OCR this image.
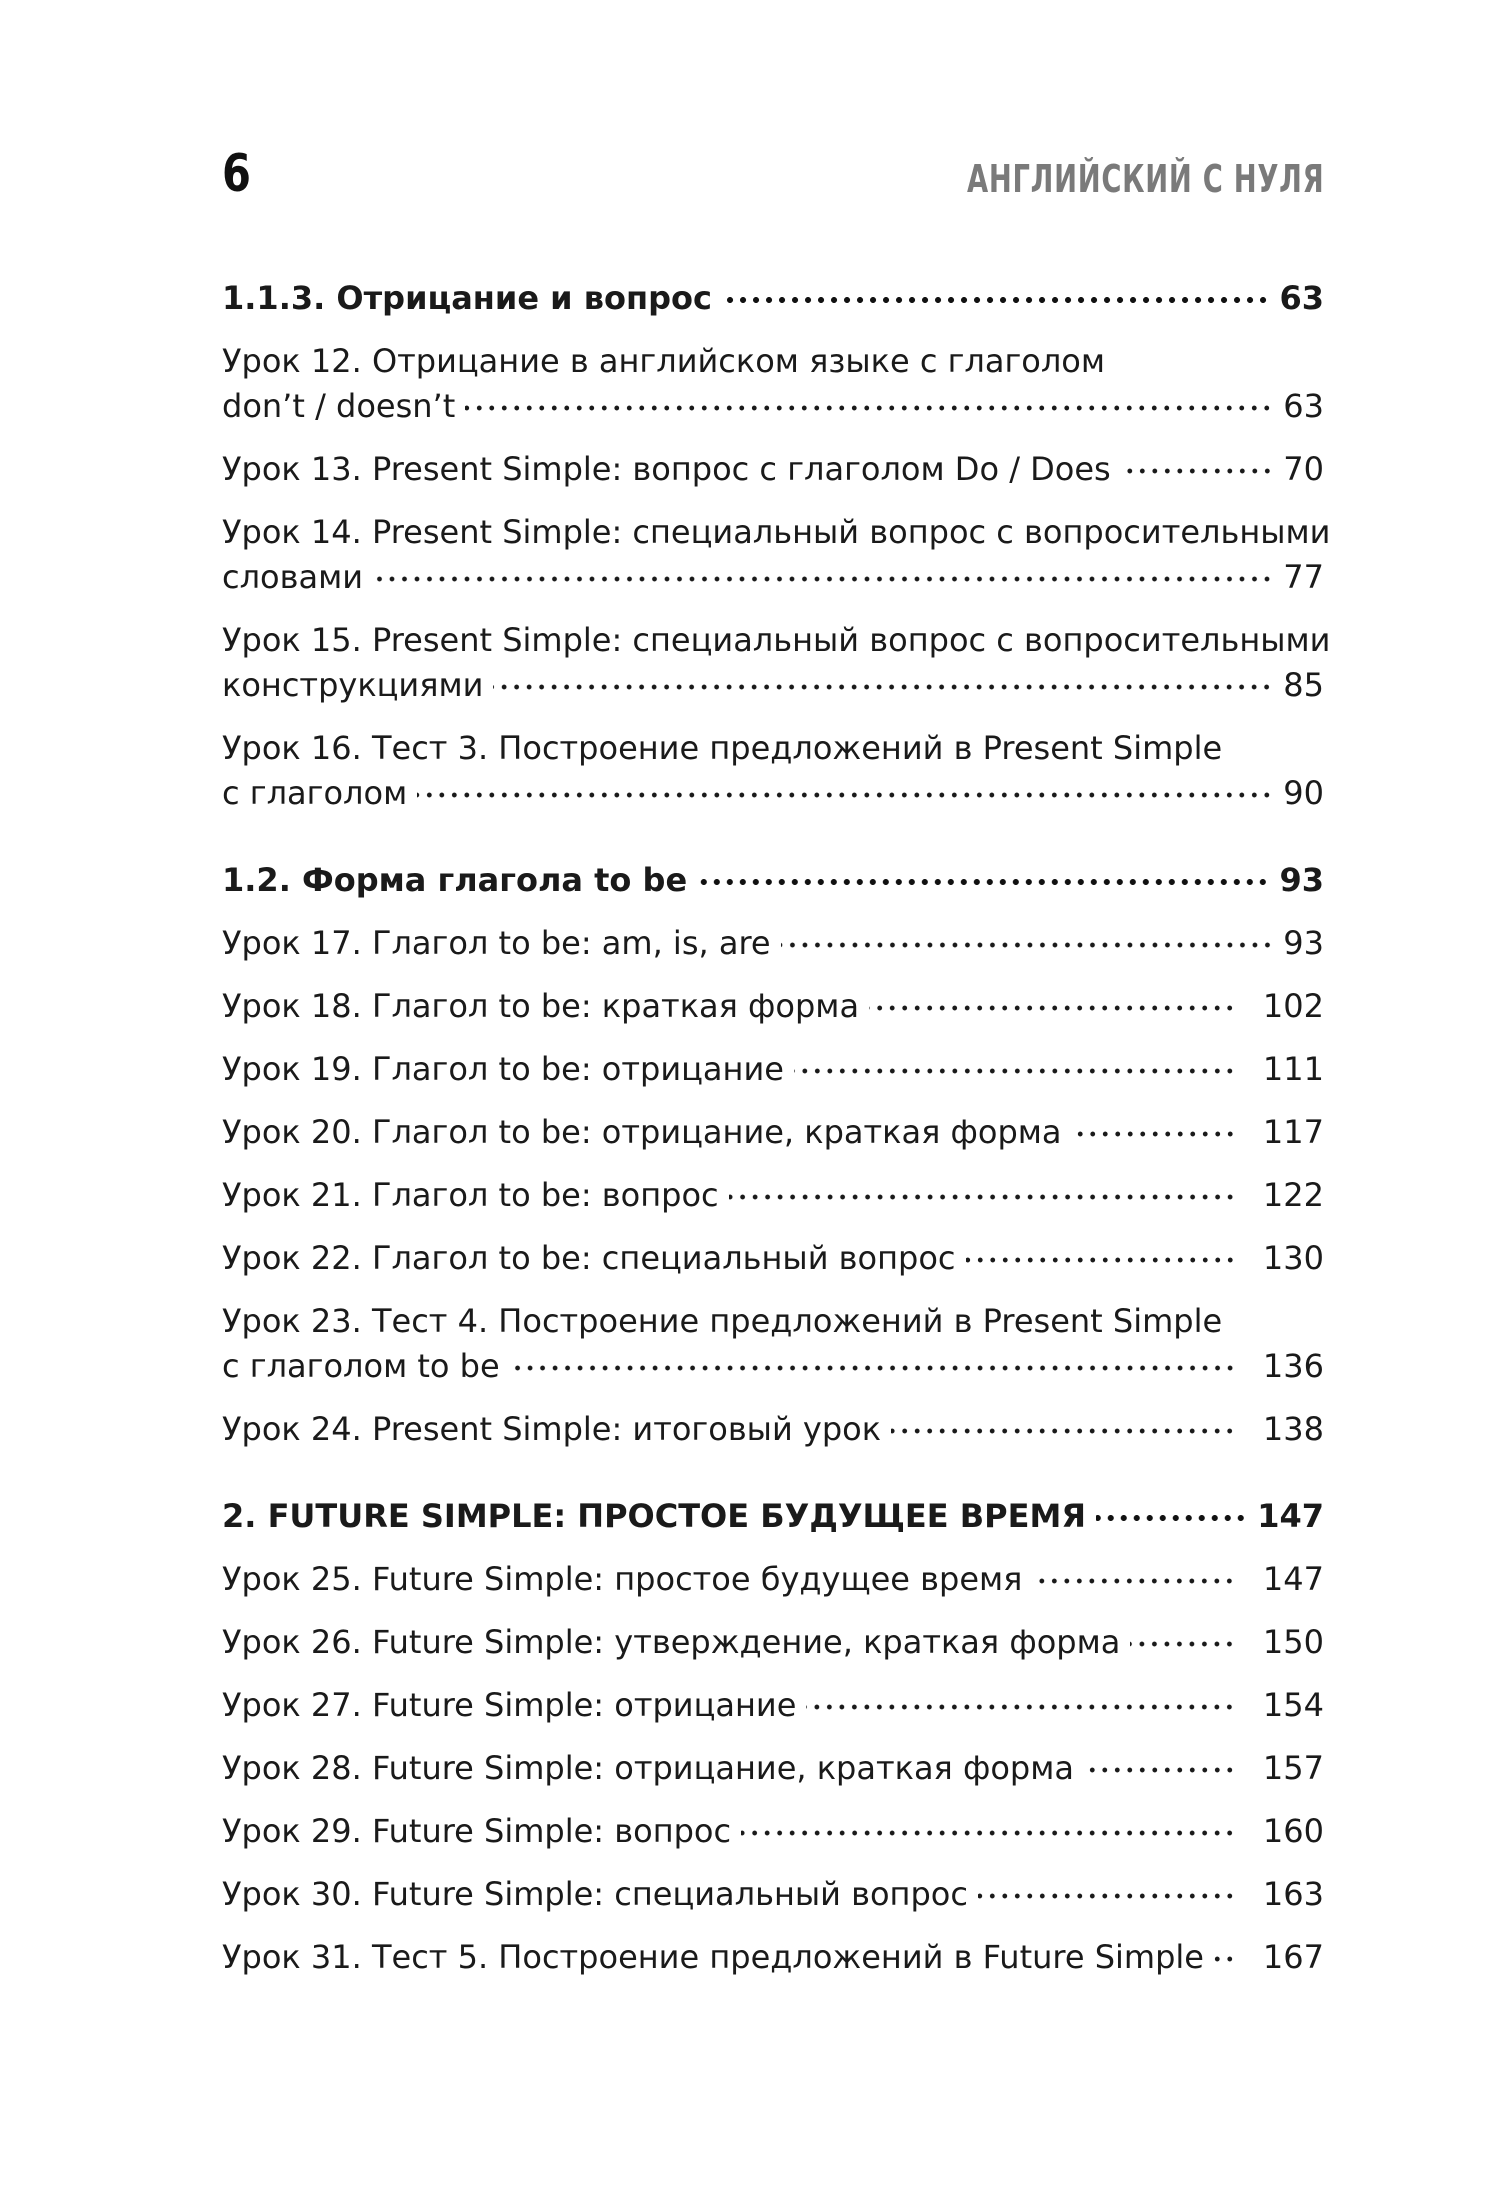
6	АНГЛИЙСКИЙ С НУЛЯ
1.1.3. Отрицание и вопрос	63
Урок 12. Отрицание в английском языке с глаголом
don’t / doesn’t	63
Урок 13. Present Simple: вопрос с глаголом Do / Does	70
Урок 14. Present Simple: специальный вопрос с вопросительными
словами	77
Урок 15. Present Simple: специальный вопрос с вопросительными
конструкциями	85
Урок 16. Тест 3. Построение предложений в Present Simple
с глаголом	90
1.2. Форма глагола to be	93
Урок 17. Глагол to be: am, is, are	93
Урок 18. Глагол to be: краткая форма	102
Урок 19. Глагол to be: отрицание	111
Урок 20. Глагол to be: отрицание, краткая форма	117
Урок 21. Глагол to be: вопрос	122
Урок 22. Глагол to be: специальный вопрос	130
Урок 23. Тест 4. Построение предложений в Present Simple
с глаголом to be	136
Урок 24. Present Simple: итоговый урок	138
2. FUTURE SIMPLE: ПРОСТОЕ БУДУЩЕЕ ВРЕМЯ	147
Урок 25. Future Simple: простое будущее время	147
Урок 26. Future Simple: утверждение, краткая форма	150
Урок 27. Future Simple: отрицание	154
Урок 28. Future Simple: отрицание, краткая форма	157
Урок 29. Future Simple: вопрос	160
Урок 30. Future Simple: специальный вопрос	163
Урок 31. Тест 5. Построение предложений в Future Simple	167
